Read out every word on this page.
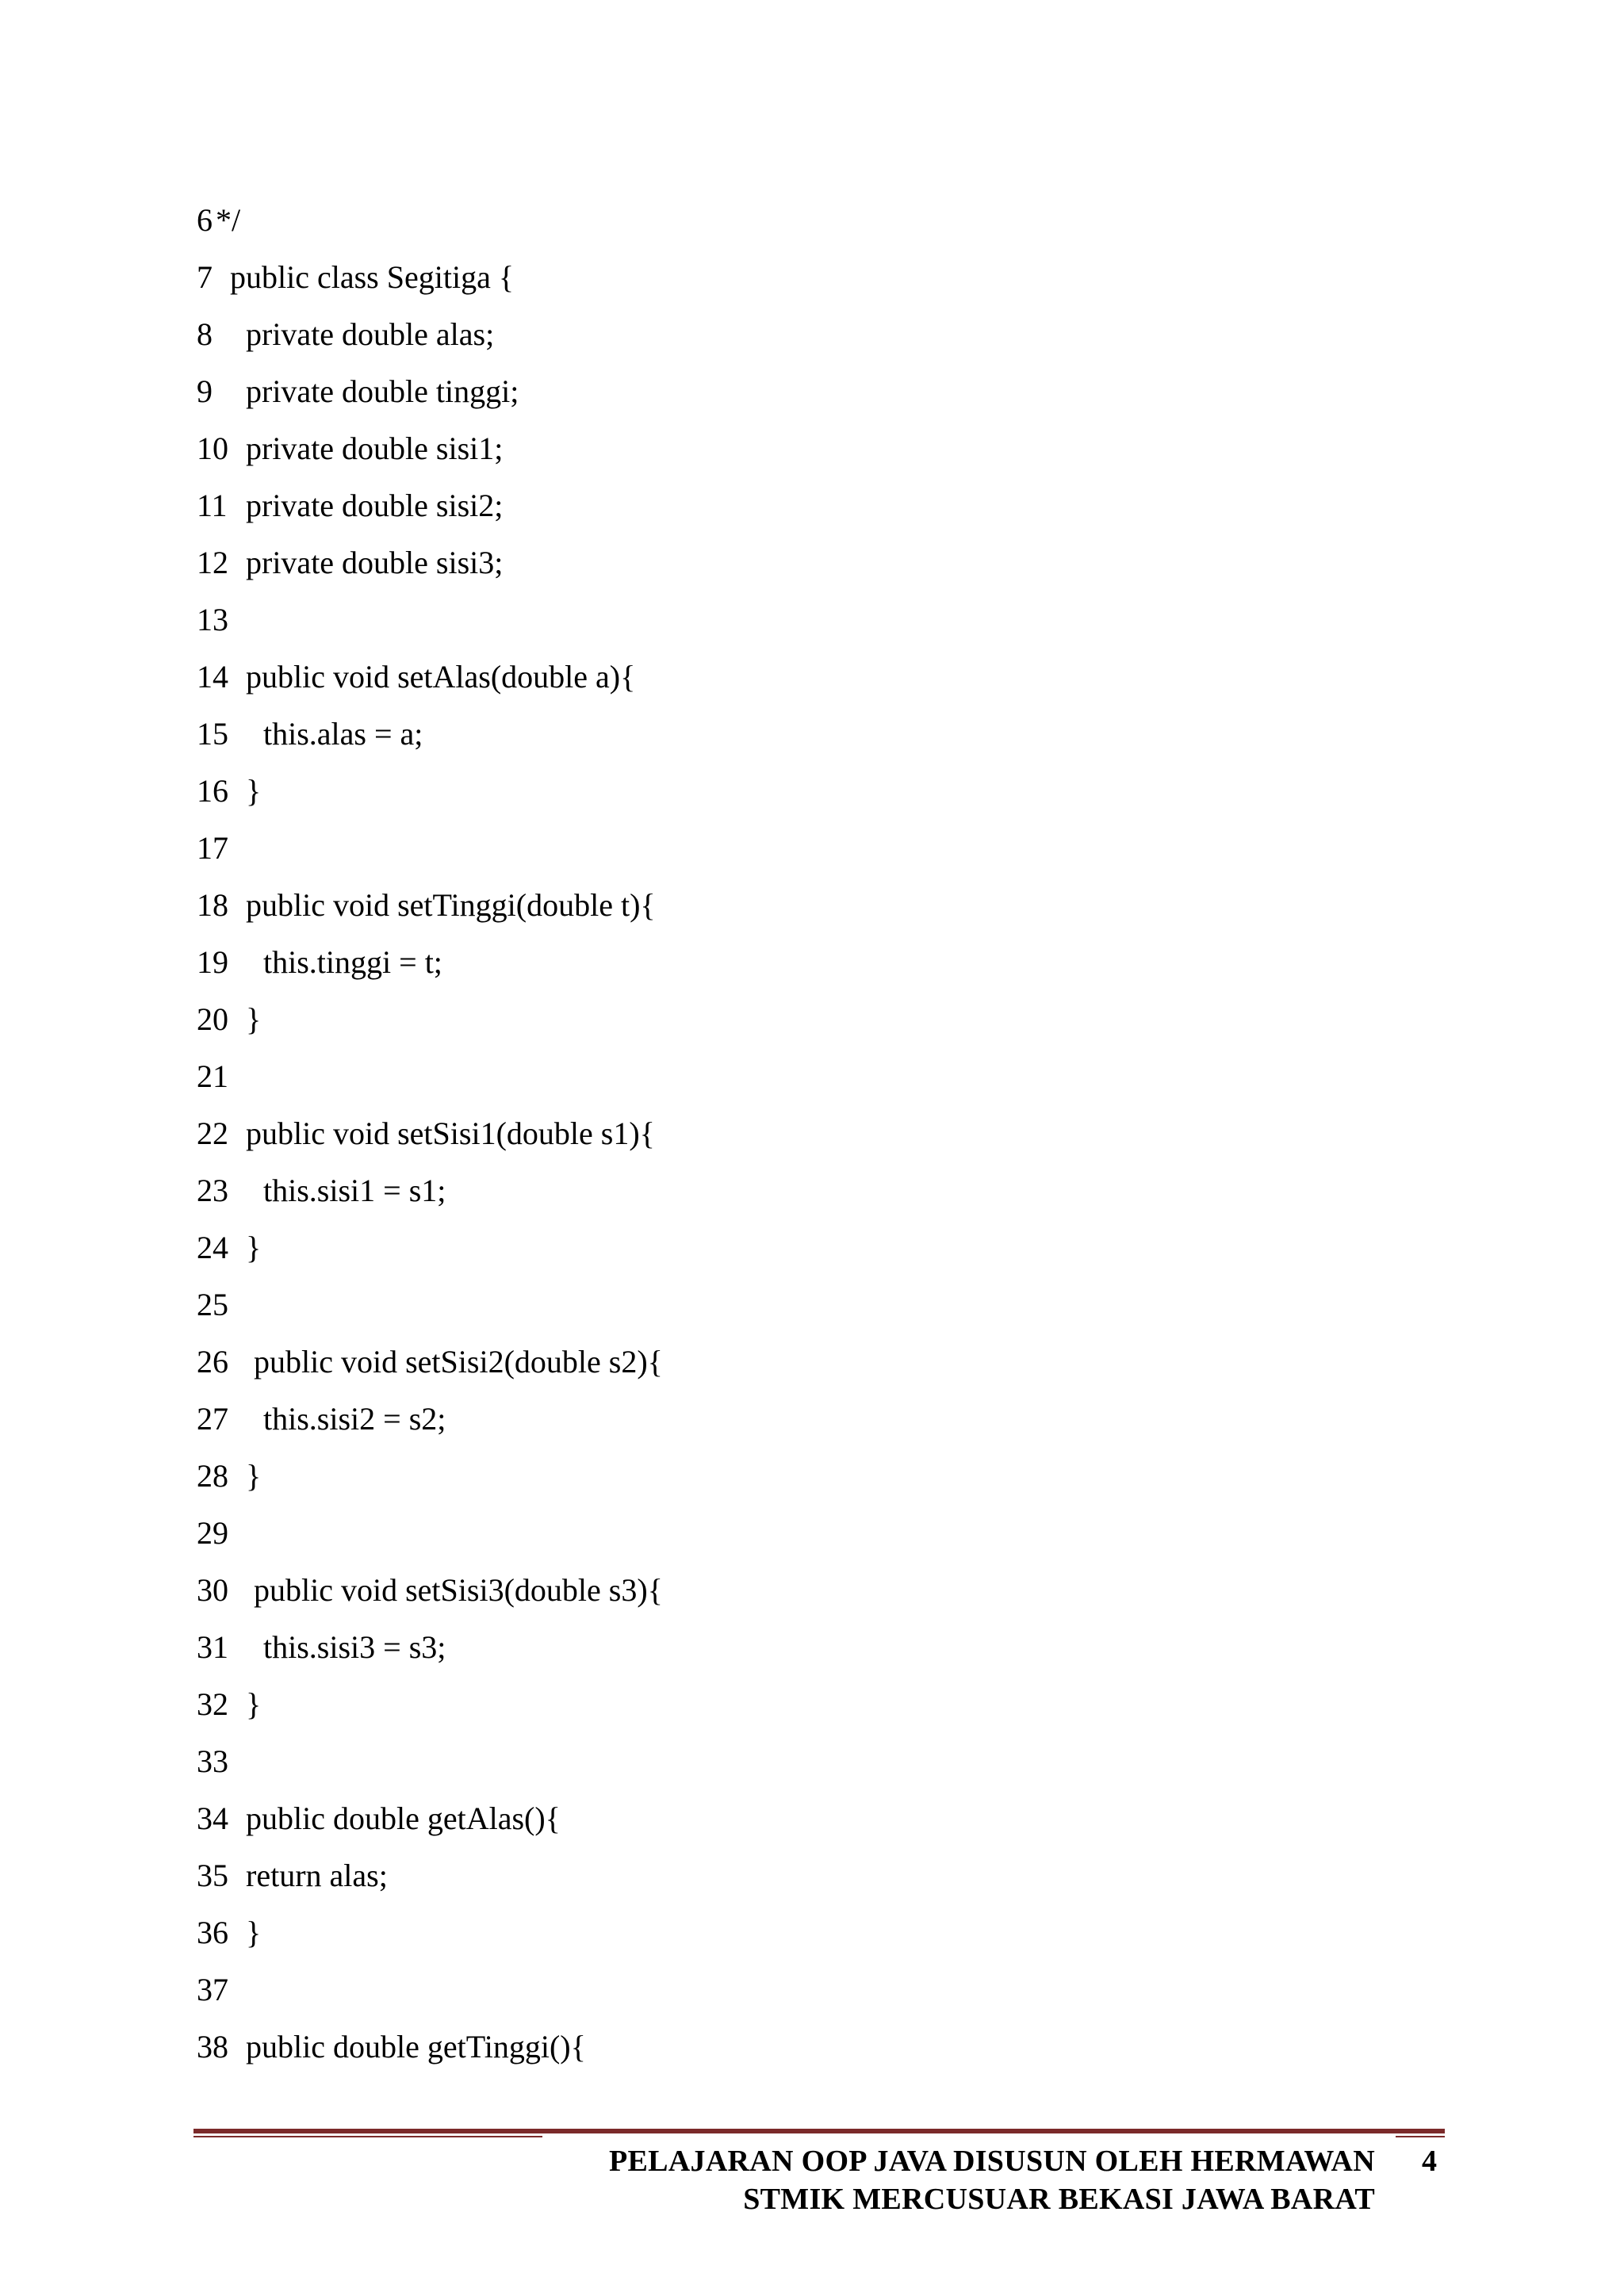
6 */
7 public class Segitiga {
8 private double alas;
9 private double tinggi;
10 private double sisi1;
11 private double sisi2;
12 private double sisi3;
13
14 public void setAlas(double a){
15 this.alas = a;
16 }
17
18 public void setTinggi(double t){
19 this.tinggi = t;
20 }
21
22 public void setSisi1(double s1){
23 this.sisi1 = s1;
24 }
25
26 public void setSisi2(double s2){
27 this.sisi2 = s2;
28 }
29
30 public void setSisi3(double s3){
31 this.sisi3 = s3;
32 }
33
34 public double getAlas(){
35 return alas;
36 }
37
38 public double getTinggi(){
PELAJARAN OOP JAVA DISUSUN OLEH HERMAWAN
STMIK MERCUSUAR BEKASI JAWA BARAT
4
